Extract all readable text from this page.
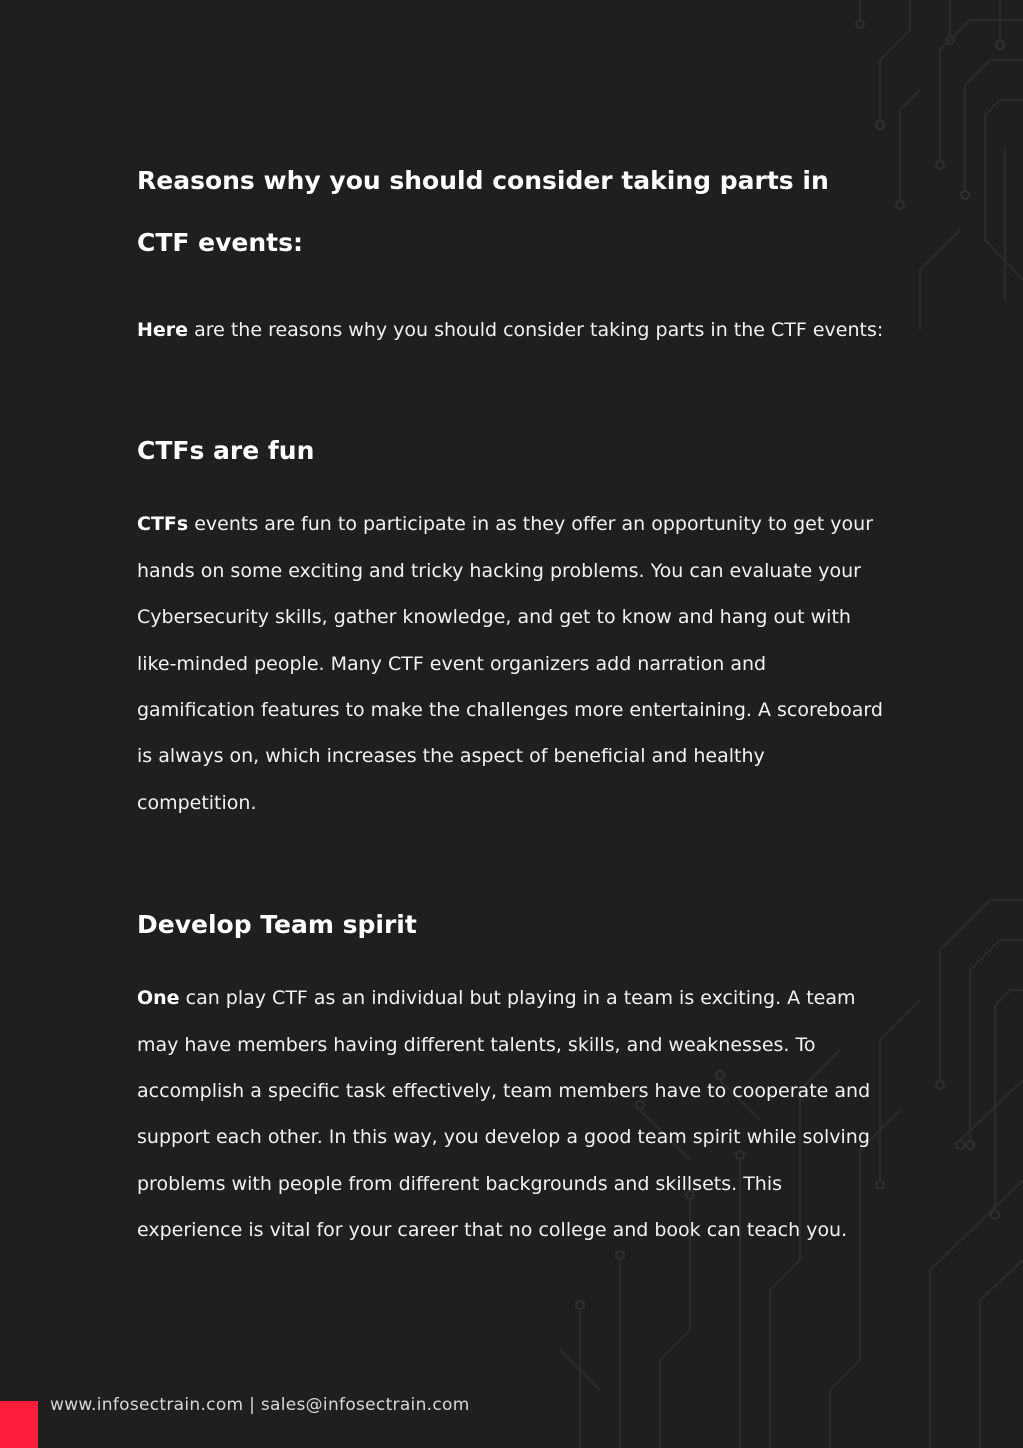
Reasons why you should consider taking parts in CTF events:

Here are the reasons why you should consider taking parts in the CTF events:

CTFs are fun

CTFs events are fun to participate in as they offer an opportunity to get your hands on some exciting and tricky hacking problems. You can evaluate your Cybersecurity skills, gather knowledge, and get to know and hang out with like-minded people. Many CTF event organizers add narration and gamification features to make the challenges more entertaining. A scoreboard is always on, which increases the aspect of beneficial and healthy competition.

Develop Team spirit

One can play CTF as an individual but playing in a team is exciting. A team may have members having different talents, skills, and weaknesses. To accomplish a specific task effectively, team members have to cooperate and support each other. In this way, you develop a good team spirit while solving problems with people from different backgrounds and skillsets. This experience is vital for your career that no college and book can teach you.

www.infosectrain.com | sales@infosectrain.com
